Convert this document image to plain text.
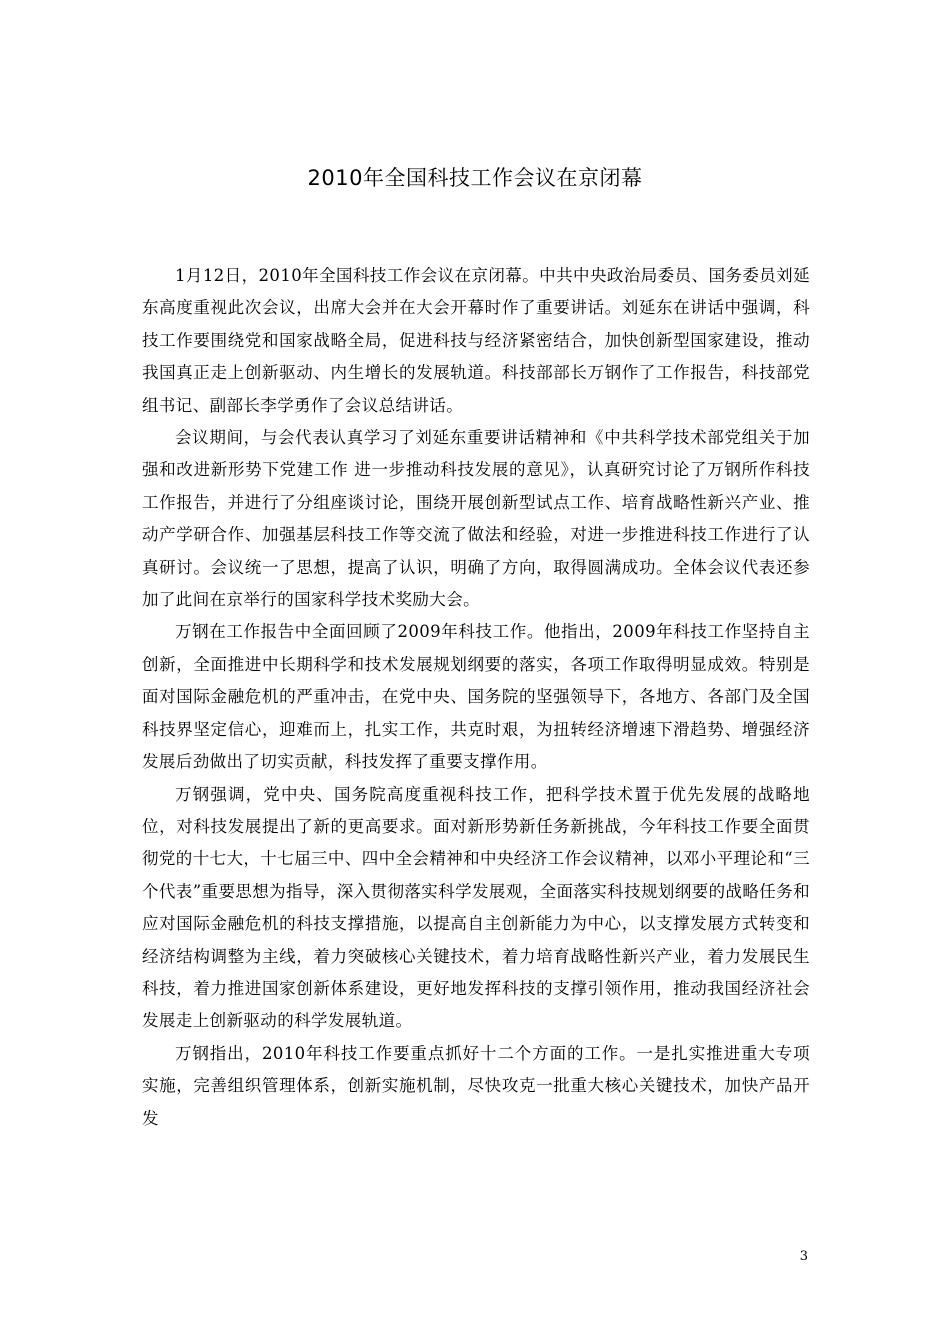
2010年全国科技工作会议在京闭幕

1月12日，2010年全国科技工作会议在京闭幕。中共中央政治局委员、国务委员刘延东高度重视此次会议，出席大会并在大会开幕时作了重要讲话。刘延东在讲话中强调，科技工作要围绕党和国家战略全局，促进科技与经济紧密结合，加快创新型国家建设，推动我国真正走上创新驱动、内生增长的发展轨道。科技部部长万钢作了工作报告，科技部党组书记、副部长李学勇作了会议总结讲话。

会议期间，与会代表认真学习了刘延东重要讲话精神和《中共科学技术部党组关于加强和改进新形势下党建工作 进一步推动科技发展的意见》，认真研究讨论了万钢所作科技工作报告，并进行了分组座谈讨论，围绕开展创新型试点工作、培育战略性新兴产业、推动产学研合作、加强基层科技工作等交流了做法和经验，对进一步推进科技工作进行了认真研讨。会议统一了思想，提高了认识，明确了方向，取得圆满成功。全体会议代表还参加了此间在京举行的国家科学技术奖励大会。

万钢在工作报告中全面回顾了2009年科技工作。他指出，2009年科技工作坚持自主创新，全面推进中长期科学和技术发展规划纲要的落实，各项工作取得明显成效。特别是面对国际金融危机的严重冲击，在党中央、国务院的坚强领导下，各地方、各部门及全国科技界坚定信心，迎难而上，扎实工作，共克时艰，为扭转经济增速下滑趋势、增强经济发展后劲做出了切实贡献，科技发挥了重要支撑作用。

万钢强调，党中央、国务院高度重视科技工作，把科学技术置于优先发展的战略地位，对科技发展提出了新的更高要求。面对新形势新任务新挑战，今年科技工作要全面贯彻党的十七大，十七届三中、四中全会精神和中央经济工作会议精神，以邓小平理论和“三个代表”重要思想为指导，深入贯彻落实科学发展观，全面落实科技规划纲要的战略任务和应对国际金融危机的科技支撑措施，以提高自主创新能力为中心，以支撑发展方式转变和经济结构调整为主线，着力突破核心关键技术，着力培育战略性新兴产业，着力发展民生科技，着力推进国家创新体系建设，更好地发挥科技的支撑引领作用，推动我国经济社会发展走上创新驱动的科学发展轨道。

万钢指出，2010年科技工作要重点抓好十二个方面的工作。一是扎实推进重大专项实施，完善组织管理体系，创新实施机制，尽快攻克一批重大核心关键技术，加快产品开发

3
